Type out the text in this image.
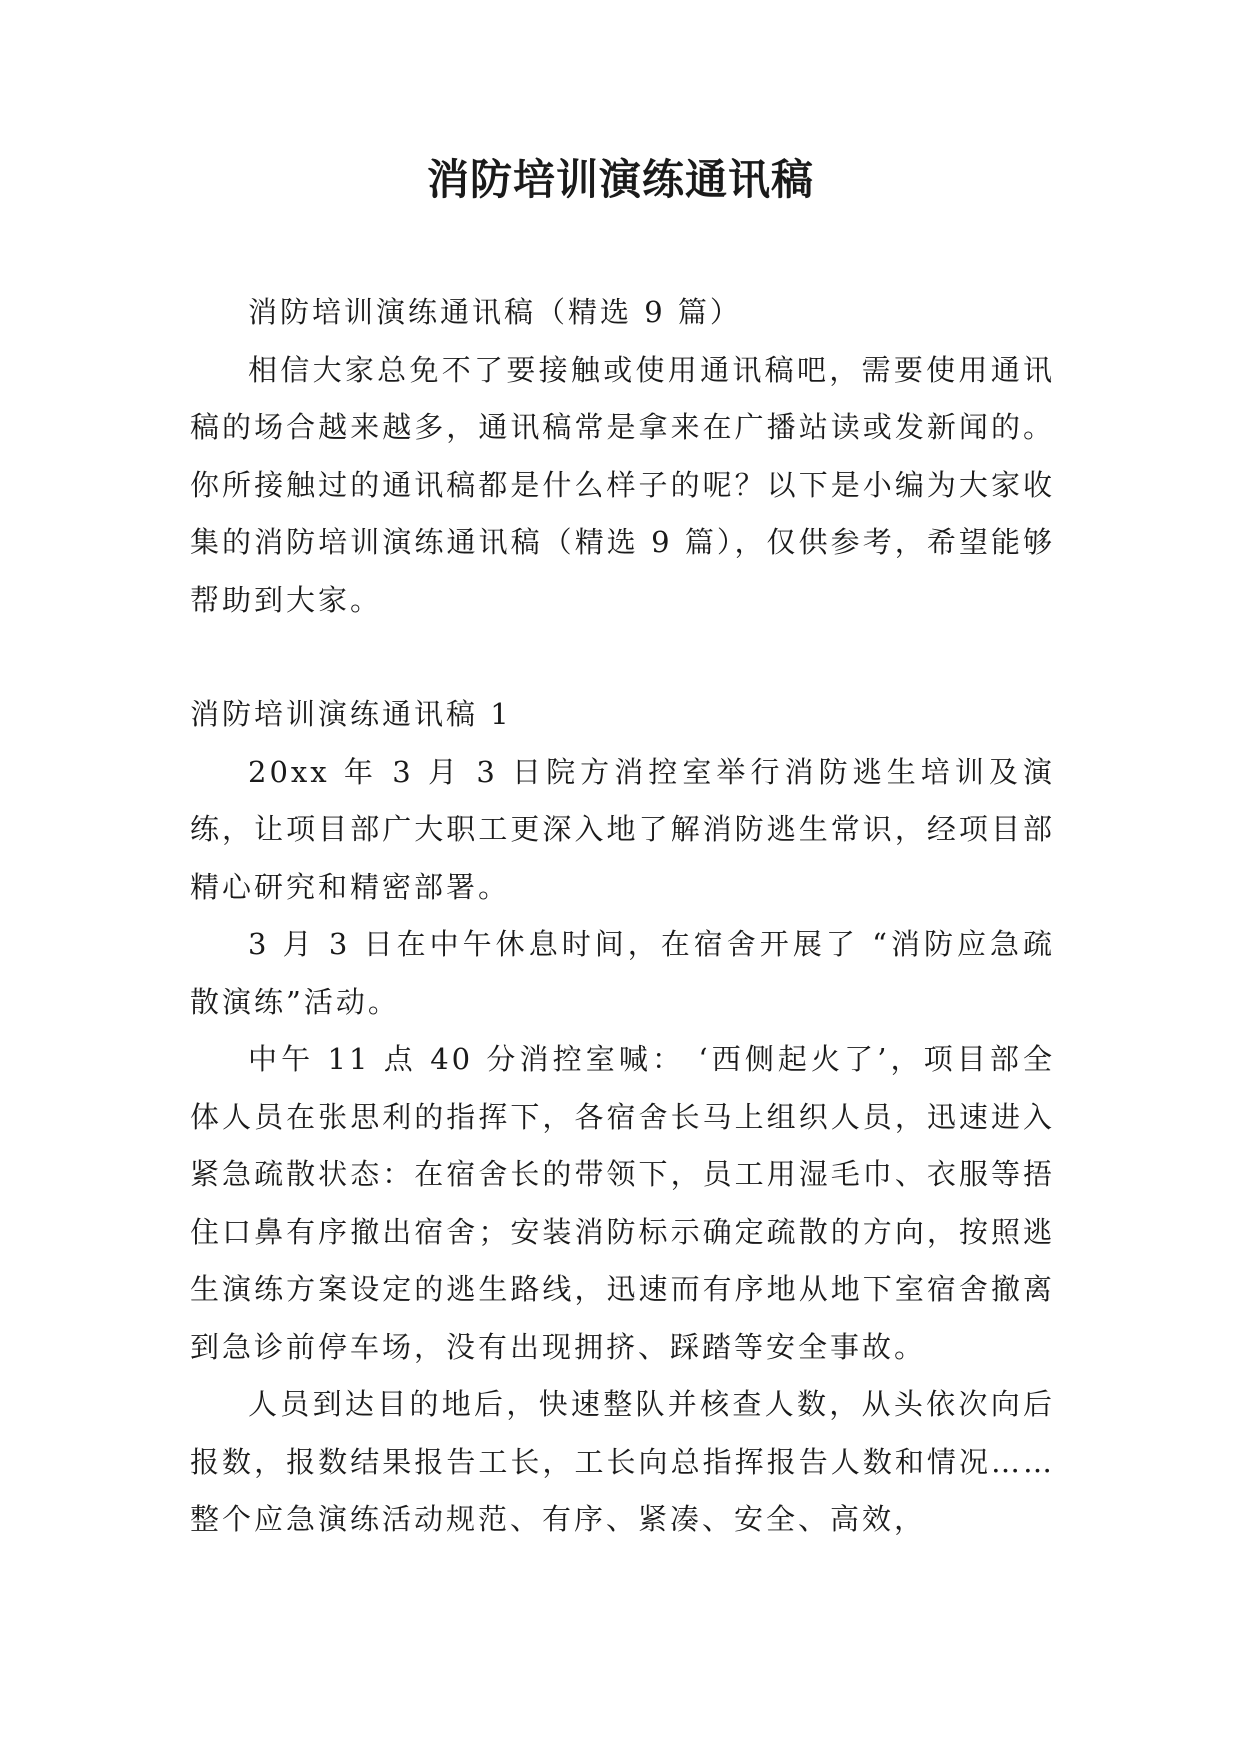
消防培训演练通讯稿

消防培训演练通讯稿（精选 9 篇）

相信大家总免不了要接触或使用通讯稿吧，需要使用通讯稿的场合越来越多，通讯稿常是拿来在广播站读或发新闻的。你所接触过的通讯稿都是什么样子的呢？以下是小编为大家收集的消防培训演练通讯稿（精选 9 篇），仅供参考，希望能够帮助到大家。

消防培训演练通讯稿 1

20xx 年 3 月 3 日院方消控室举行消防逃生培训及演练，让项目部广大职工更深入地了解消防逃生常识，经项目部精心研究和精密部署。

3 月 3 日在中午休息时间，在宿舍开展了 “消防应急疏散演练”活动。

中午 11 点 40 分消控室喊： ‘西侧起火了’，项目部全体人员在张思利的指挥下，各宿舍长马上组织人员，迅速进入紧急疏散状态：在宿舍长的带领下，员工用湿毛巾、衣服等捂住口鼻有序撤出宿舍；安装消防标示确定疏散的方向，按照逃生演练方案设定的逃生路线，迅速而有序地从地下室宿舍撤离到急诊前停车场，没有出现拥挤、踩踏等安全事故。

人员到达目的地后，快速整队并核查人数，从头依次向后报数，报数结果报告工长，工长向总指挥报告人数和情况……整个应急演练活动规范、有序、紧凑、安全、高效，
